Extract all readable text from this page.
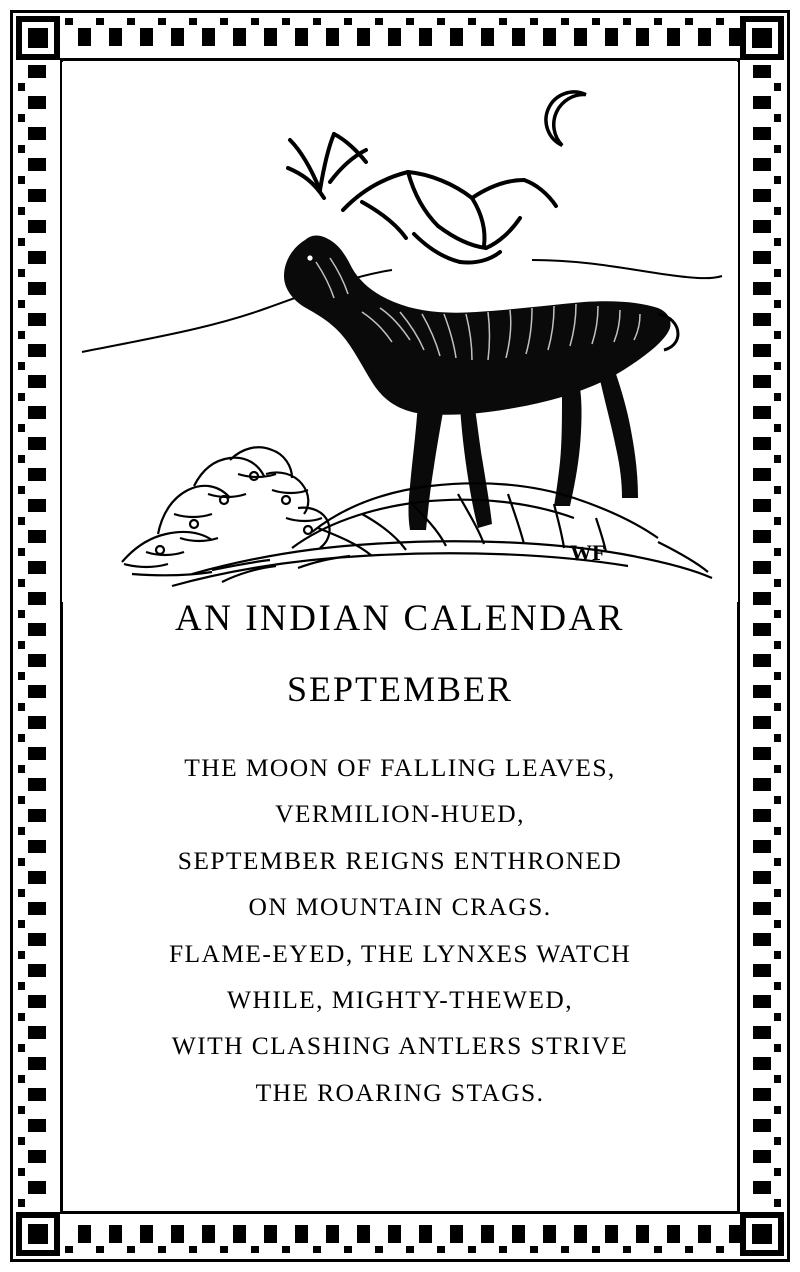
WF
AN INDIAN CALENDAR
SEPTEMBER
THE MOON OF FALLING LEAVES,
VERMILION-HUED,
SEPTEMBER REIGNS ENTHRONED
ON MOUNTAIN CRAGS.
FLAME-EYED, THE LYNXES WATCH
WHILE, MIGHTY-THEWED,
WITH CLASHING ANTLERS STRIVE
THE ROARING STAGS.
